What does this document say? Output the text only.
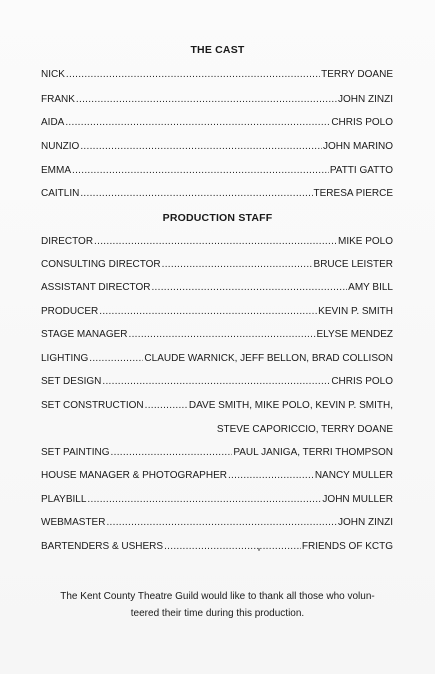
THE CAST
NICK .....	TERRY DOANE
FRANK .....	JOHN ZINZI
AIDA .....	CHRIS POLO
NUNZIO .....	JOHN MARINO
EMMA .....	PATTI GATTO
CAITLIN .....	TERESA PIERCE
PRODUCTION STAFF
DIRECTOR .....	MIKE POLO
CONSULTING DIRECTOR .....	BRUCE LEISTER
ASSISTANT DIRECTOR .....	AMY BILL
PRODUCER .....	KEVIN P. SMITH
STAGE MANAGER .....	ELYSE MENDEZ
LIGHTING .....	CLAUDE WARNICK, JEFF BELLON, BRAD COLLISON
SET DESIGN .....	CHRIS POLO
SET CONSTRUCTION .....	DAVE SMITH, MIKE POLO, KEVIN P. SMITH,
STEVE CAPORICCIO, TERRY DOANE
SET PAINTING .....	PAUL JANIGA, TERRI THOMPSON
HOUSE MANAGER & PHOTOGRAPHER .....	NANCY MULLER
PLAYBILL .....	JOHN MULLER
WEBMASTER .....	JOHN ZINZI
BARTENDERS & USHERS .....	FRIENDS OF KCTG
The Kent County Theatre Guild would like to thank all those who volun-
teered their time during this production.
